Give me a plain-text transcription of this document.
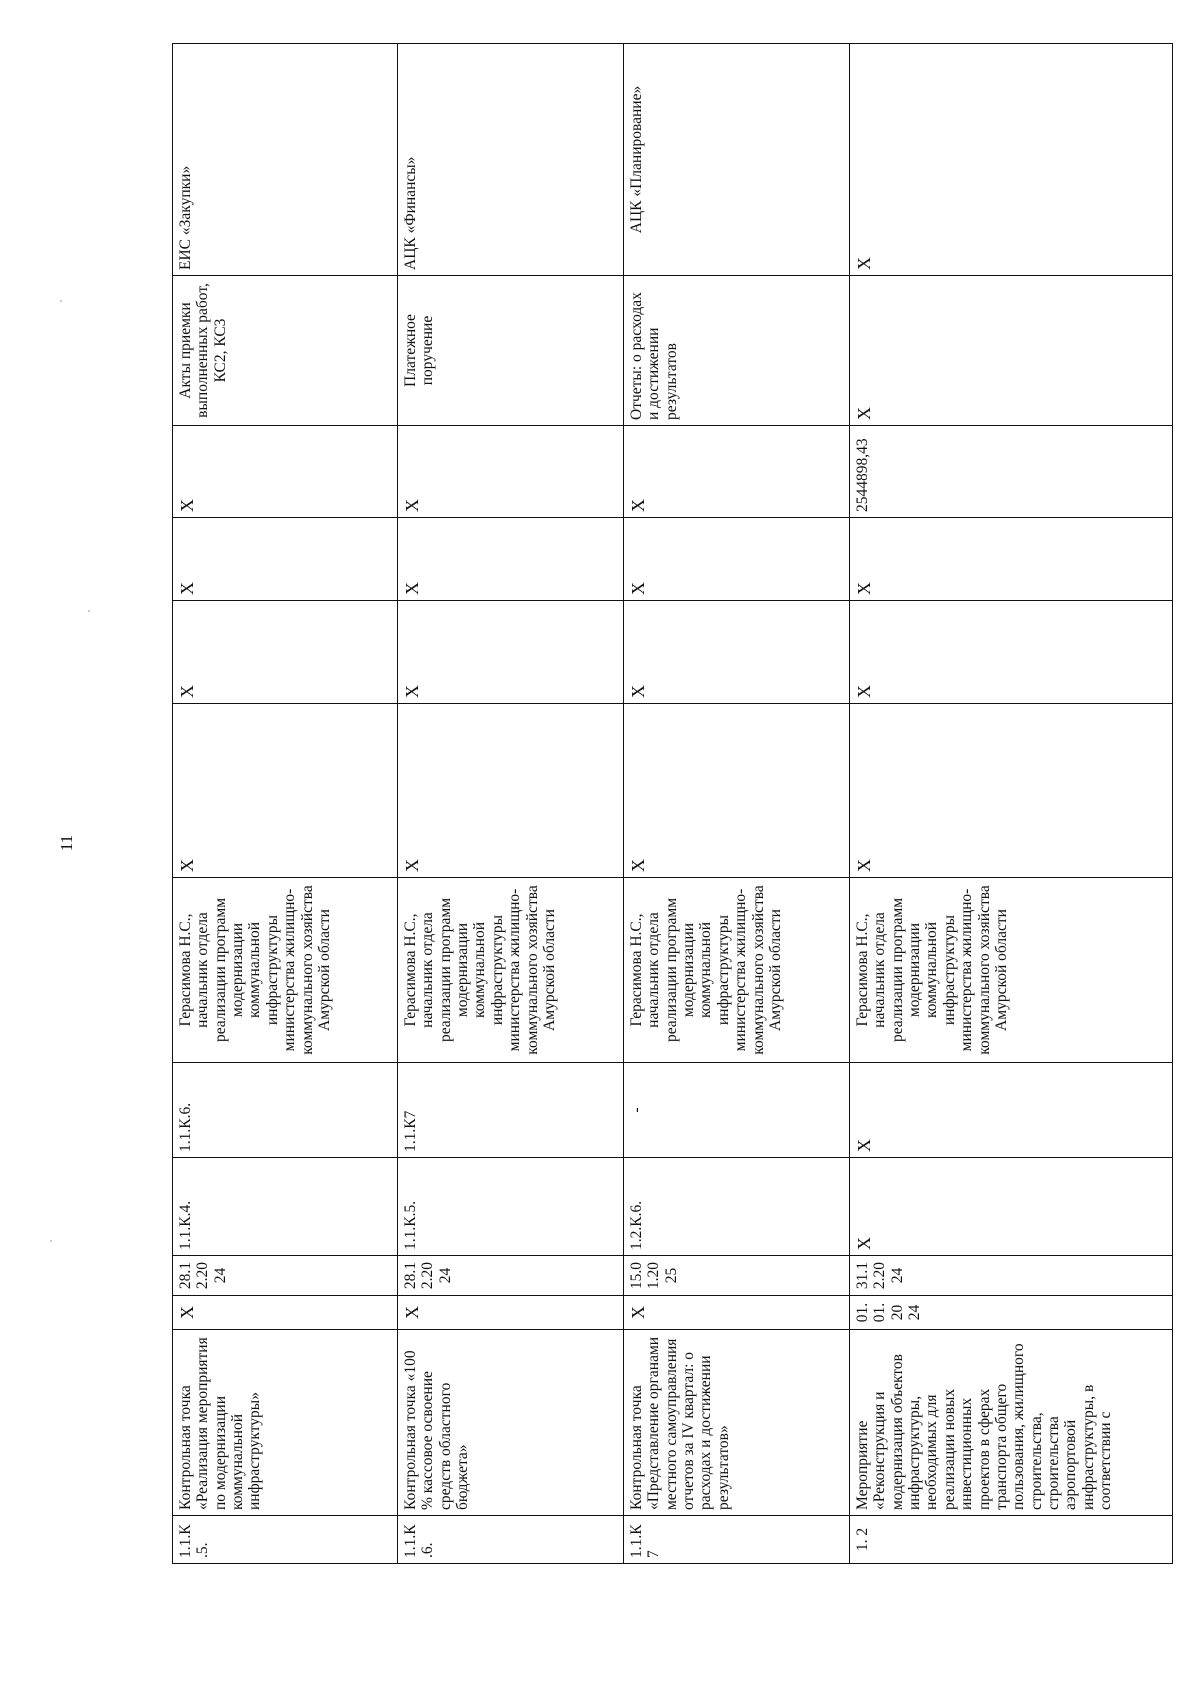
11
1.1.К.5.	Контрольная точка «Реализация мероприятия по модернизации коммунальной инфраструктуры»	Х	28.12.2024	1.1.К.4.	1.1.К.6.	Герасимова Н.С., начальник отдела реализации программ модернизации коммунальной инфраструктуры министерства жилищно-коммунального хозяйства Амурской области	Х	Х	Х	Х	Акты приемки выполненных работ, КС2, КС3	ЕИС «Закупки»
1.1.К.6.	Контрольная точка «100 % кассовое освоение средств областного бюджета»	Х	28.12.2024	1.1.К.5.	1.1.К7	Герасимова Н.С., начальник отдела реализации программ модернизации коммунальной инфраструктуры министерства жилищно-коммунального хозяйства Амурской области	Х	Х	Х	Х	Платежное поручение	АЦК «Финансы»
1.1.К7	Контрольная точка «Представление органами местного самоуправления отчетов за IV квартал: о расходах и достижении результатов»	Х	15.01.2025	1.2.К.6.	-	Герасимова Н.С., начальник отдела реализации программ модернизации коммунальной инфраструктуры министерства жилищно-коммунального хозяйства Амурской области	Х	Х	Х	Х	Отчеты: о расходах и достижении результатов	АЦК «Планирование»
1. 2	Мероприятие «Реконструкция и модернизация объектов инфраструктуры, необходимых для реализации новых инвестиционных проектов в сферах транспорта общего пользования, жилищного строительства, строительства аэропортовой инфраструктуры, в соответствии с	01.01.2024	31.12.2024	Х	Х	Герасимова Н.С., начальник отдела реализации программ модернизации коммунальной инфраструктуры министерства жилищно-коммунального хозяйства Амурской области	Х	Х	Х	2544898,43	Х	Х
